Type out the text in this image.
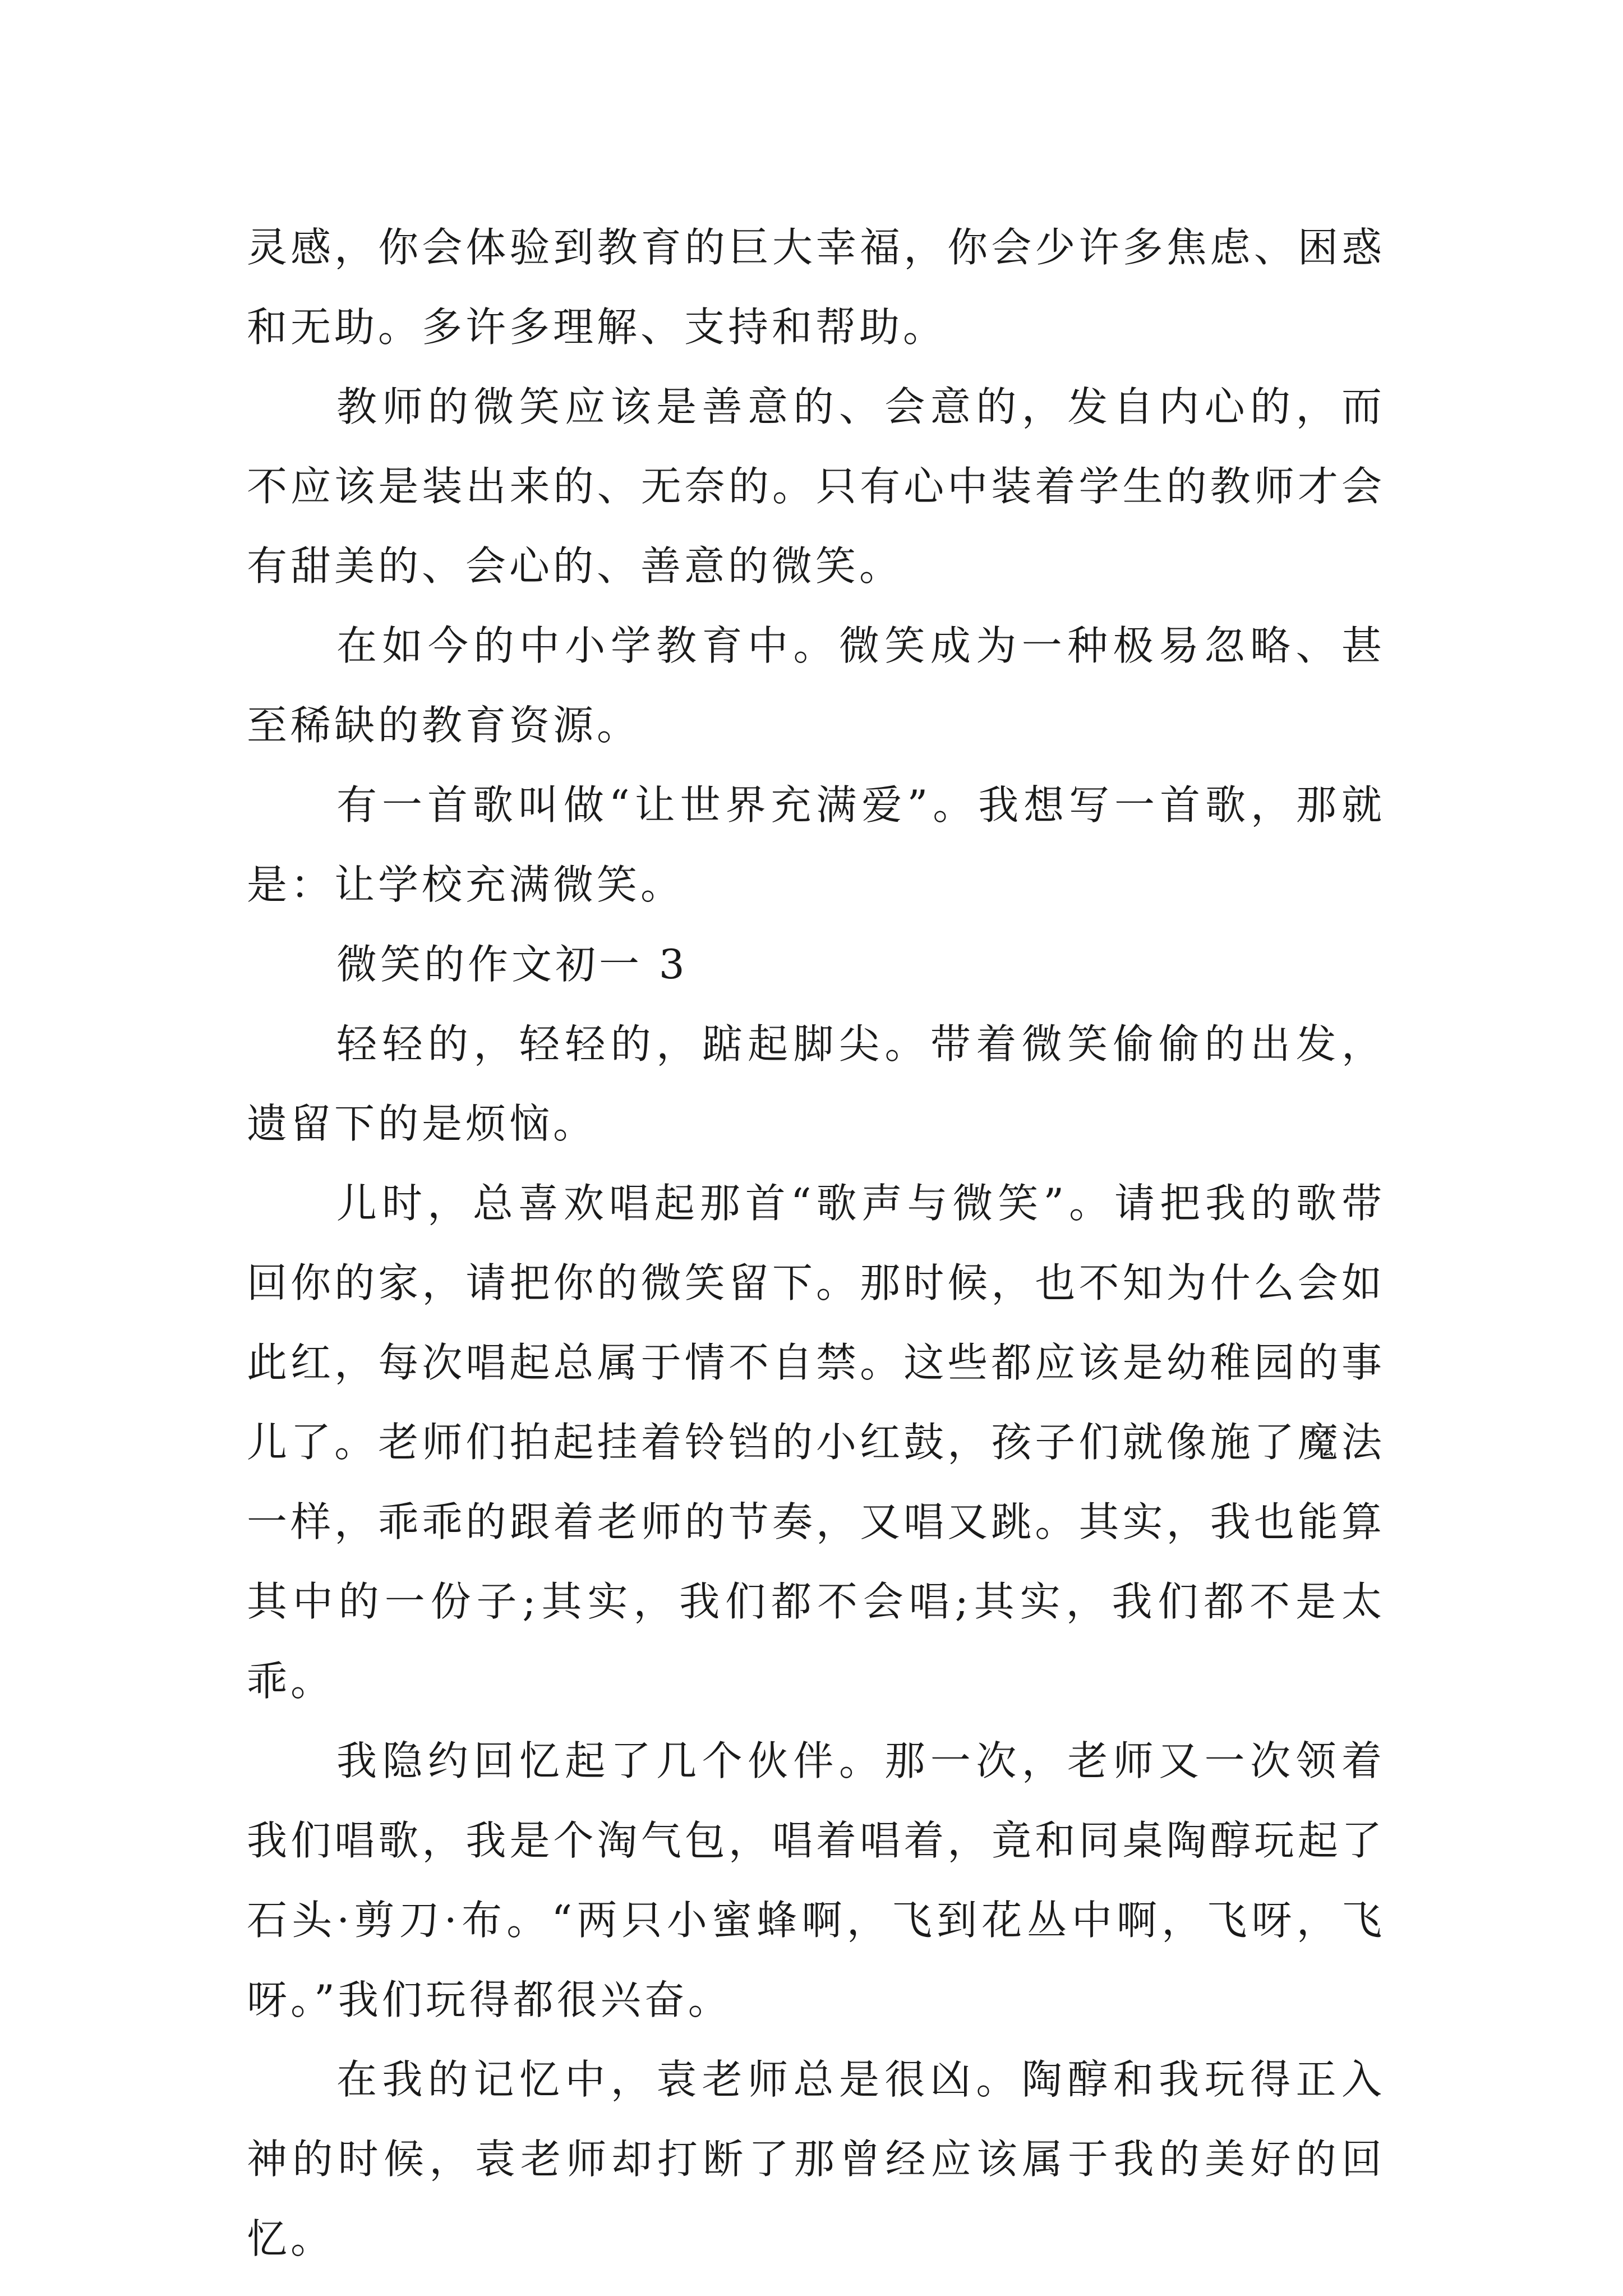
灵感，你会体验到教育的巨大幸福，你会少许多焦虑、困惑和无助。多许多理解、支持和帮助。

教师的微笑应该是善意的、会意的，发自内心的，而不应该是装出来的、无奈的。只有心中装着学生的教师才会有甜美的、会心的、善意的微笑。

在如今的中小学教育中。微笑成为一种极易忽略、甚至稀缺的教育资源。

有一首歌叫做“让世界充满爱”。我想写一首歌，那就是：让学校充满微笑。

微笑的作文初一 3

轻轻的，轻轻的，踮起脚尖。带着微笑偷偷的出发，遗留下的是烦恼。

儿时，总喜欢唱起那首“歌声与微笑”。请把我的歌带回你的家，请把你的微笑留下。那时候，也不知为什么会如此红，每次唱起总属于情不自禁。这些都应该是幼稚园的事儿了。老师们拍起挂着铃铛的小红鼓，孩子们就像施了魔法一样，乖乖的跟着老师的节奏，又唱又跳。其实，我也能算其中的一份子;其实，我们都不会唱;其实，我们都不是太乖。

我隐约回忆起了几个伙伴。那一次，老师又一次领着我们唱歌，我是个淘气包，唱着唱着，竟和同桌陶醇玩起了石头·剪刀·布。“两只小蜜蜂啊，飞到花丛中啊，飞呀，飞呀。”我们玩得都很兴奋。

在我的记忆中，袁老师总是很凶。陶醇和我玩得正入神的时候，袁老师却打断了那曾经应该属于我的美好的回忆。
